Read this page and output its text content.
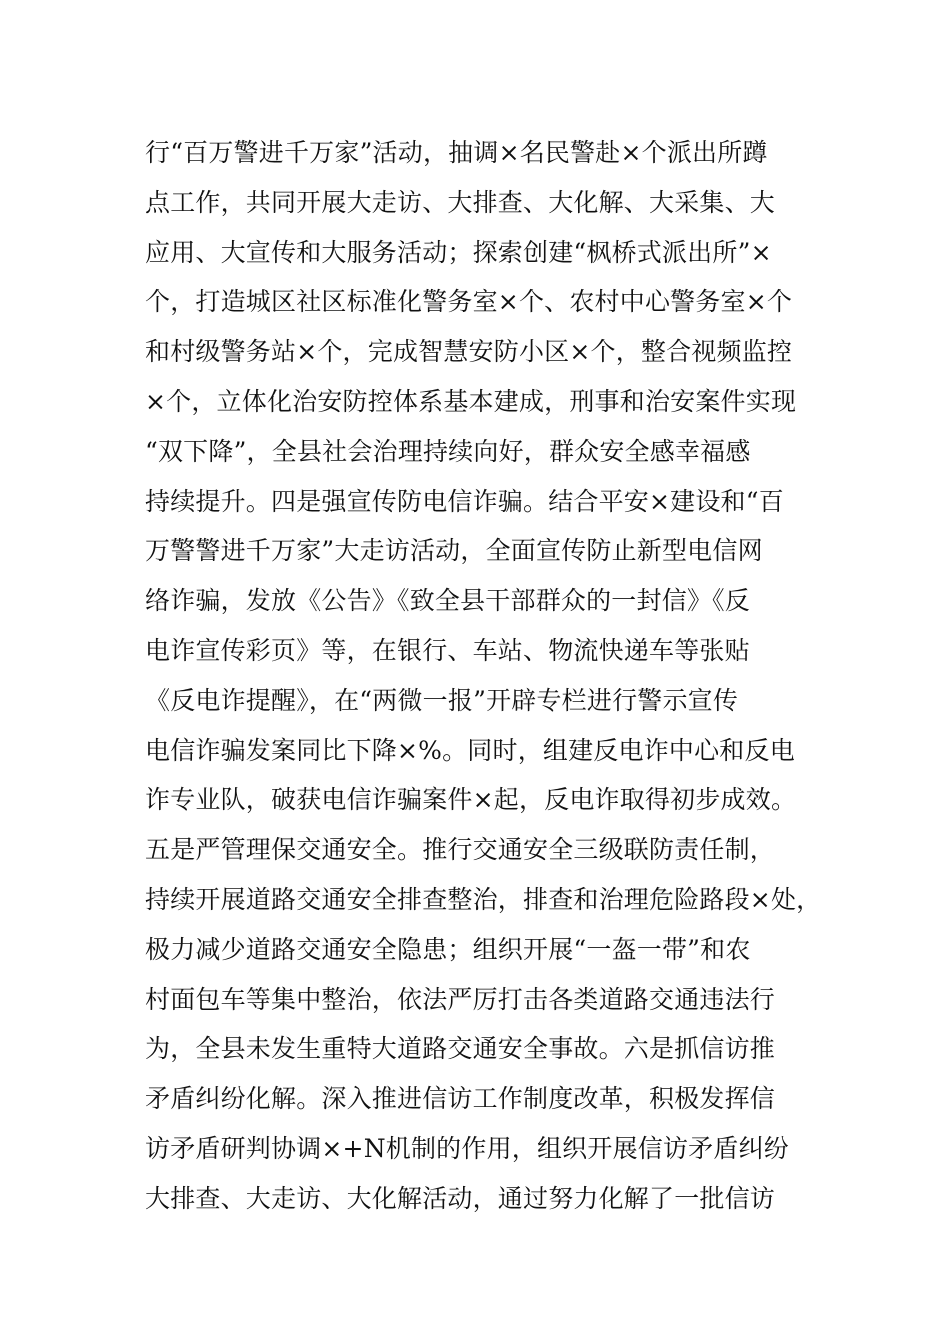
行“百万警进千万家”活动，抽调×名民警赴×个派出所蹲
点工作，共同开展大走访、大排查、大化解、大采集、大
应用、大宣传和大服务活动；探索创建“枫桥式派出所”×
个，打造城区社区标准化警务室×个、农村中心警务室×个
和村级警务站×个，完成智慧安防小区×个，整合视频监控
×个，立体化治安防控体系基本建成，刑事和治安案件实现
“双下降”，全县社会治理持续向好，群众安全感幸福感
持续提升。四是强宣传防电信诈骗。结合平安×建设和“百
万警警进千万家”大走访活动，全面宣传防止新型电信网
络诈骗，发放《公告》《致全县干部群众的一封信》《反
电诈宣传彩页》等，在银行、车站、物流快递车等张贴
《反电诈提醒》，在“两微一报”开辟专栏进行警示宣传
电信诈骗发案同比下降×%。同时，组建反电诈中心和反电
诈专业队，破获电信诈骗案件×起，反电诈取得初步成效。
五是严管理保交通安全。推行交通安全三级联防责任制，
持续开展道路交通安全排查整治，排查和治理危险路段×处，
极力减少道路交通安全隐患；组织开展“一盔一带”和农
村面包车等集中整治，依法严厉打击各类道路交通违法行
为，全县未发生重特大道路交通安全事故。六是抓信访推
矛盾纠纷化解。深入推进信访工作制度改革，积极发挥信
访矛盾研判协调×+N机制的作用，组织开展信访矛盾纠纷
大排查、大走访、大化解活动，通过努力化解了一批信访
